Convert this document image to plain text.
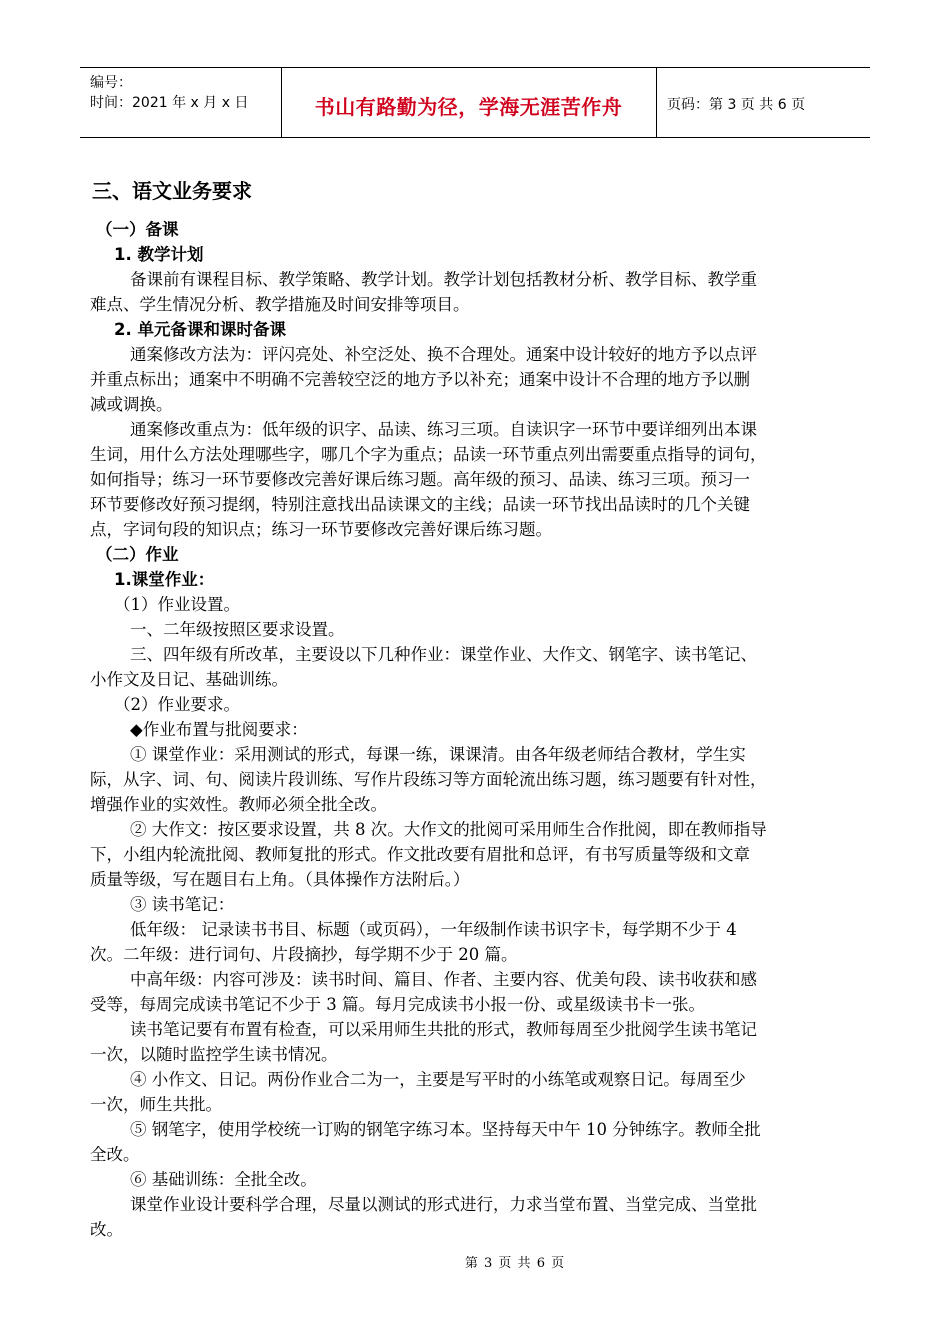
编号：
时间：2021 年 x 月 x 日	书山有路勤为径，学海无涯苦作舟	页码：第 3 页 共 6 页
三、语文业务要求
（一）备课
1. 教学计划
备课前有课程目标、教学策略、教学计划。教学计划包括教材分析、教学目标、教学重
难点、学生情况分析、教学措施及时间安排等项目。
2. 单元备课和课时备课
通案修改方法为：评闪亮处、补空泛处、换不合理处。通案中设计较好的地方予以点评
并重点标出；通案中不明确不完善较空泛的地方予以补充；通案中设计不合理的地方予以删
减或调换。
通案修改重点为：低年级的识字、品读、练习三项。自读识字一环节中要详细列出本课
生词，用什么方法处理哪些字，哪几个字为重点；品读一环节重点列出需要重点指导的词句，
如何指导；练习一环节要修改完善好课后练习题。高年级的预习、品读、练习三项。预习一
环节要修改好预习提纲，特别注意找出品读课文的主线；品读一环节找出品读时的几个关键
点，字词句段的知识点；练习一环节要修改完善好课后练习题。
（二）作业
1.课堂作业：
（1）作业设置。
一、二年级按照区要求设置。
三、四年级有所改革，主要设以下几种作业：课堂作业、大作文、钢笔字、读书笔记、
小作文及日记、基础训练。
（2）作业要求。
◆作业布置与批阅要求：
① 课堂作业：采用测试的形式，每课一练，课课清。由各年级老师结合教材，学生实
际，从字、词、句、阅读片段训练、写作片段练习等方面轮流出练习题，练习题要有针对性，
增强作业的实效性。教师必须全批全改。
② 大作文：按区要求设置，共 8 次。大作文的批阅可采用师生合作批阅，即在教师指导
下，小组内轮流批阅、教师复批的形式。作文批改要有眉批和总评，有书写质量等级和文章
质量等级，写在题目右上角。（具体操作方法附后。）
③ 读书笔记：
低年级： 记录读书书目、标题（或页码），一年级制作读书识字卡，每学期不少于 4
次。二年级：进行词句、片段摘抄，每学期不少于 20 篇。
中高年级：内容可涉及：读书时间、篇目、作者、主要内容、优美句段、读书收获和感
受等，每周完成读书笔记不少于 3 篇。每月完成读书小报一份、或星级读书卡一张。
读书笔记要有布置有检查，可以采用师生共批的形式，教师每周至少批阅学生读书笔记
一次，以随时监控学生读书情况。
④ 小作文、日记。两份作业合二为一，主要是写平时的小练笔或观察日记。每周至少
一次，师生共批。
⑤ 钢笔字，使用学校统一订购的钢笔字练习本。坚持每天中午 10 分钟练字。教师全批
全改。
⑥ 基础训练：全批全改。
课堂作业设计要科学合理，尽量以测试的形式进行，力求当堂布置、当堂完成、当堂批
改。
第 3 页 共 6 页
